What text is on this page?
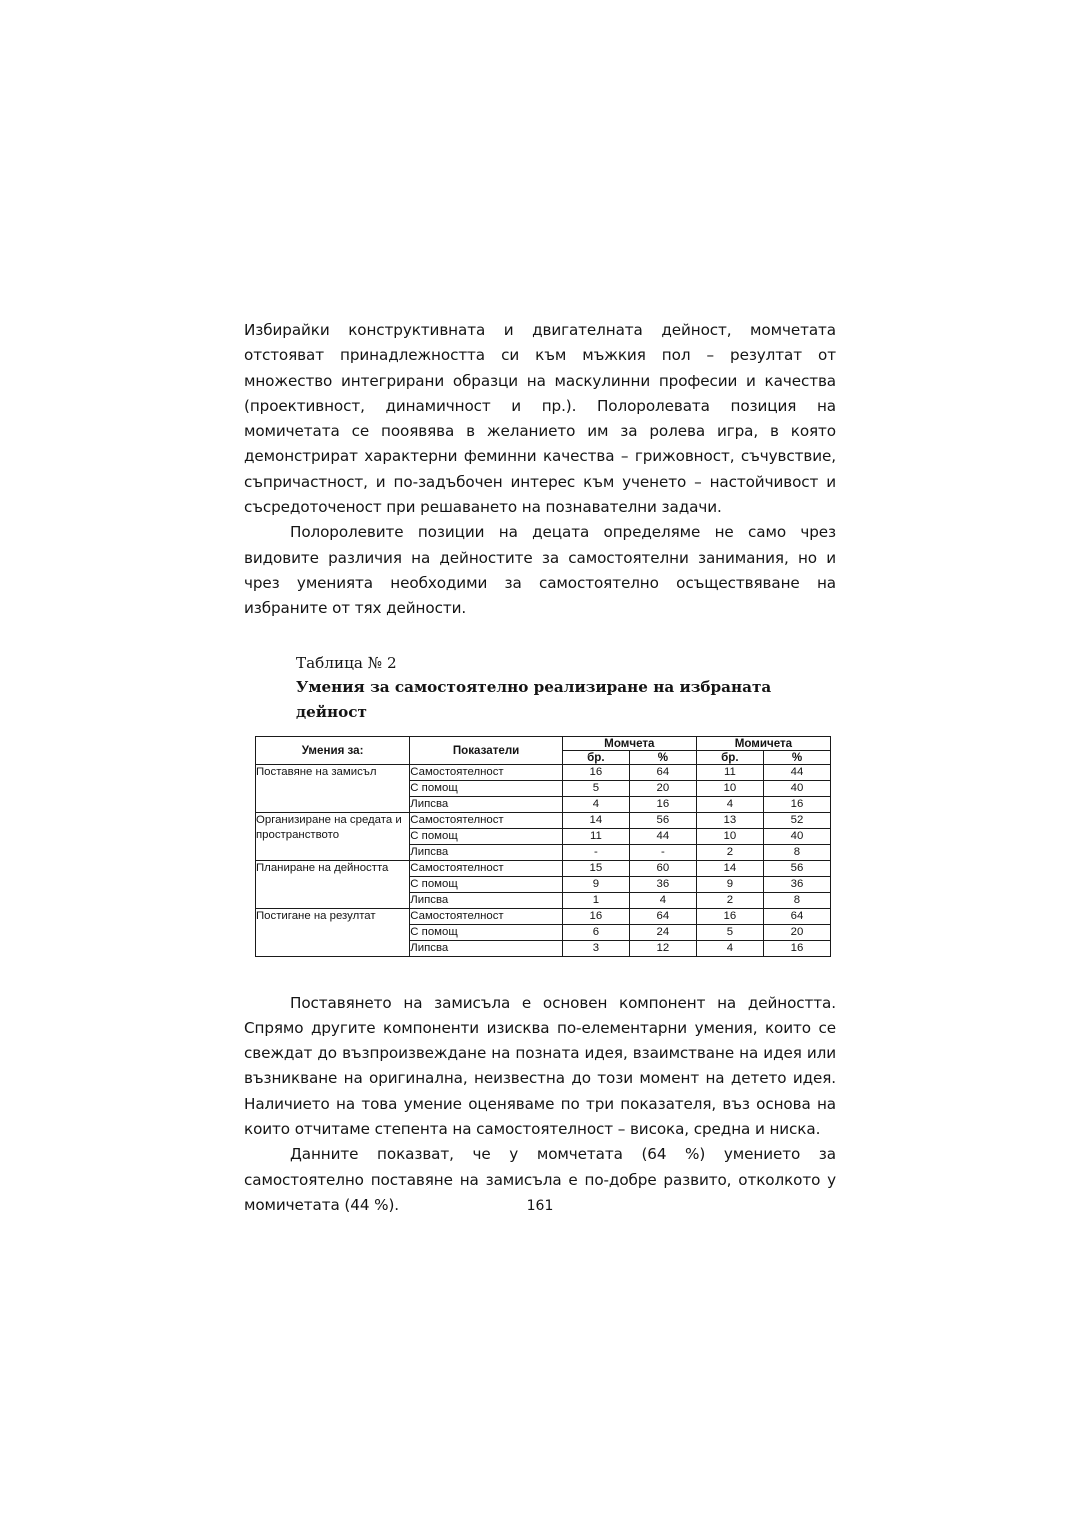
Избирайки конструктивната и двигателната дейност, момчетата отстояват принадлежността си към мъжкия пол – резултат от множество интегрирани образци на маскулинни професии и качества (проективност, динамичност и пр.). Полоролевата позиция на момичетата се пооявява в желанието им за ролева игра, в която демонстрират характерни феминни качества – грижовност, съчувствие, съпричастност, и по-задъбочен интерес към ученето – настойчивост и съсредоточеност при решаването на познавателни задачи.

Полоролевите позиции на децата определяме не само чрез видовите различия на дейностите за самостоятелни занимания, но и чрез уменията необходими за самостоятелно осъществяване на избраните от тях дейности.

Таблица № 2

Умения за самостоятелно реализиране на избраната дейност

Умения за:	Показатели	Момчета		Момичета	
		бр.	%	бр.	%
Поставяне на замисъл	Самостоятелност	16	64	11	44
	С помощ	5	20	10	40
	Липсва	4	16	4	16
Организиране на средата и пространството	Самостоятелност	14	56	13	52
	С помощ	11	44	10	40
	Липсва	-	-	2	8
Планиране на дейността	Самостоятелност	15	60	14	56
	С помощ	9	36	9	36
	Липсва	1	4	2	8
Постигане на резултат	Самостоятелност	16	64	16	64
	С помощ	6	24	5	20
	Липсва	3	12	4	16

Поставянето на замисъла е основен компонент на дейността. Спрямо другите компоненти изисква по-елементарни умения, които се свеждат до възпроизвеждане на позната идея, взаимстване на идея или възникване на оригинална, неизвестна до този момент на детето идея. Наличието на това умение оценяваме по три показателя, въз основа на които отчитаме степента на самостоятелност – висока, средна и ниска.

Данните показват, че у момчетата (64 %) умението за самостоятелно поставяне на замисъла е по-добре развито, отколкото у момичетата (44 %).	161
